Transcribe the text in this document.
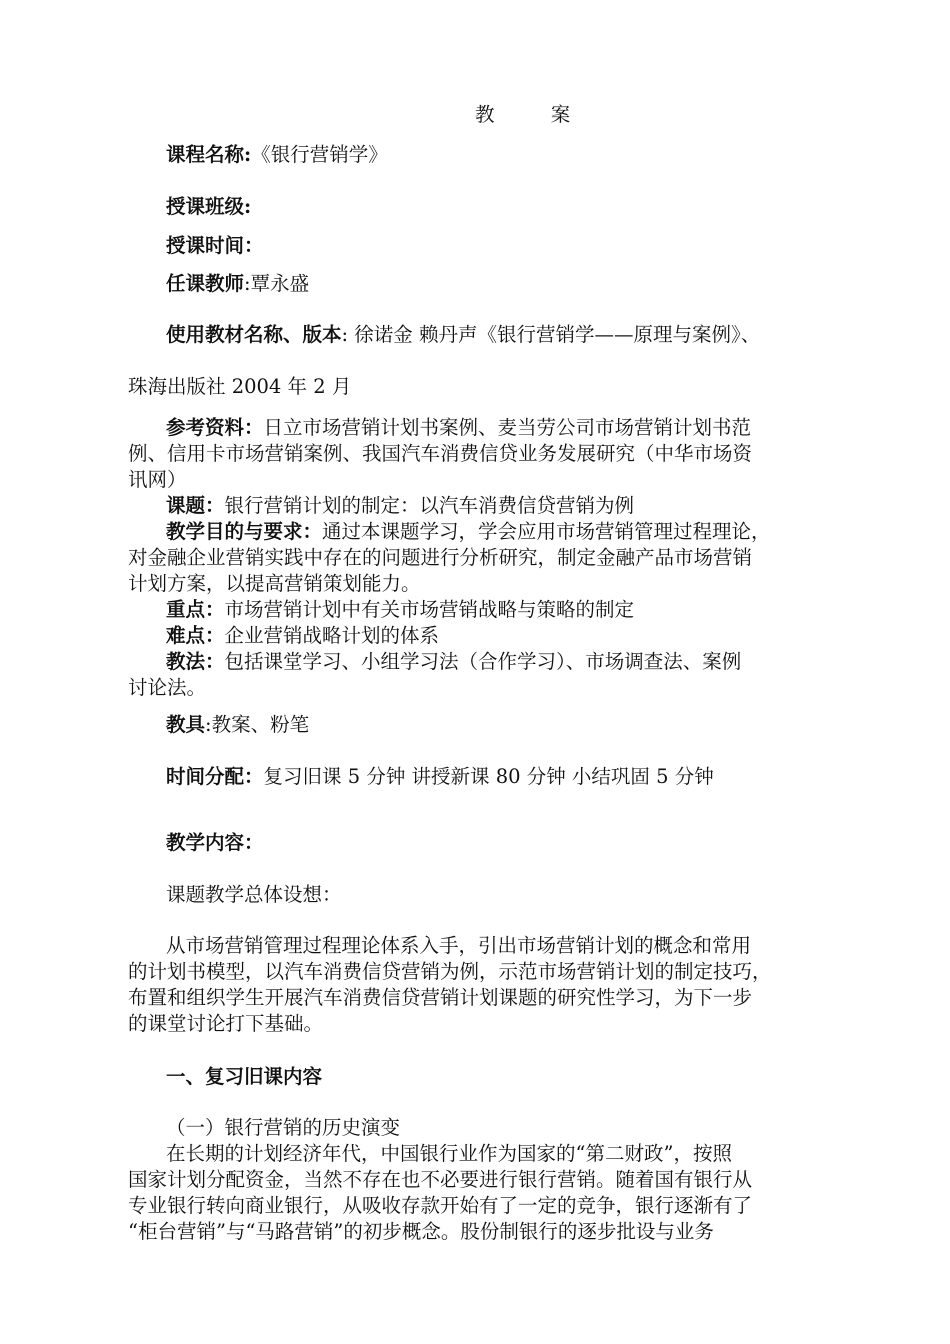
教	案
课程名称:《银行营销学》
授课班级:
授课时间：
任课教师:覃永盛
使用教材名称、版本: 徐诺金 赖丹声《银行营销学——原理与案例》、
珠海出版社 2004 年 2 月
参考资料：日立市场营销计划书案例、麦当劳公司市场营销计划书范
例、信用卡市场营销案例、我国汽车消费信贷业务发展研究（中华市场资
讯网）
课题：银行营销计划的制定：以汽车消费信贷营销为例
教学目的与要求：通过本课题学习，学会应用市场营销管理过程理论，
对金融企业营销实践中存在的问题进行分析研究，制定金融产品市场营销
计划方案，以提高营销策划能力。
重点：市场营销计划中有关市场营销战略与策略的制定
难点：企业营销战略计划的体系
教法：包括课堂学习、小组学习法（合作学习）、市场调查法、案例
讨论法。
教具:教案、粉笔
时间分配：复习旧课 5 分钟 讲授新课 80 分钟 小结巩固 5 分钟
教学内容：
课题教学总体设想：
从市场营销管理过程理论体系入手，引出市场营销计划的概念和常用
的计划书模型，以汽车消费信贷营销为例，示范市场营销计划的制定技巧，
布置和组织学生开展汽车消费信贷营销计划课题的研究性学习，为下一步
的课堂讨论打下基础。
一、复习旧课内容
（一）银行营销的历史演变
在长期的计划经济年代，中国银行业作为国家的“第二财政”，按照
国家计划分配资金，当然不存在也不必要进行银行营销。随着国有银行从
专业银行转向商业银行，从吸收存款开始有了一定的竞争，银行逐渐有了
“柜台营销”与“马路营销”的初步概念。股份制银行的逐步批设与业务
